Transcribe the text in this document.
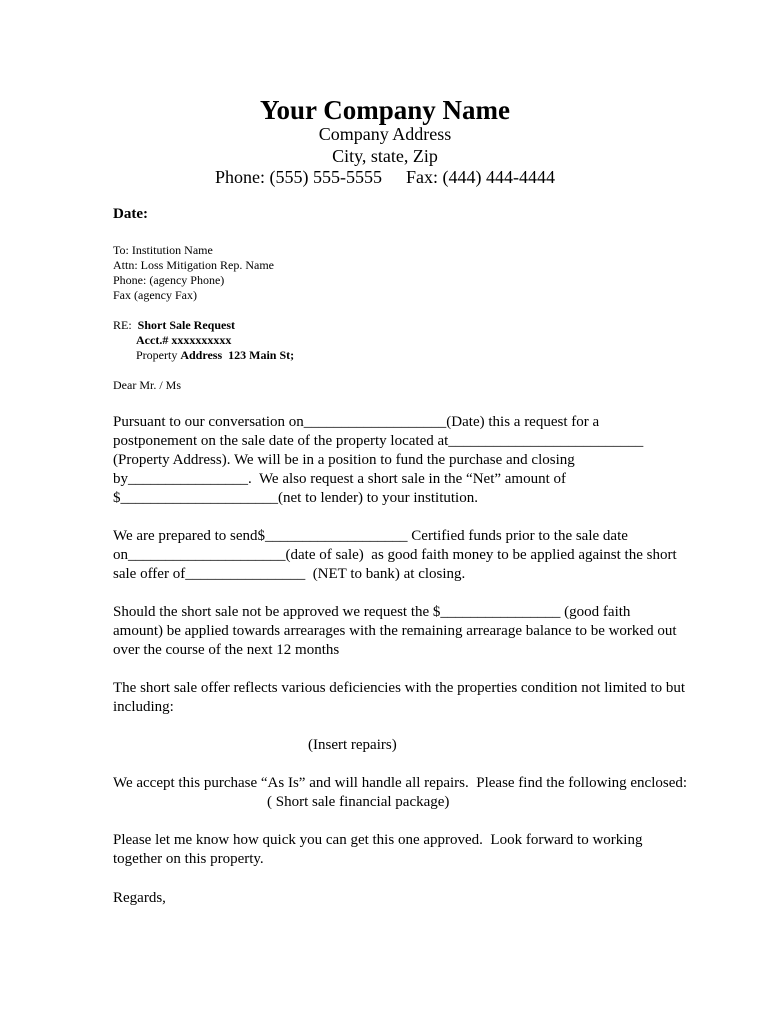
Your Company Name
Company Address
City, state, Zip
Phone: (555) 555-5555 Fax: (444) 444-4444
Date:
To: Institution Name
Attn: Loss Mitigation Rep. Name
Phone: (agency Phone)
Fax (agency Fax)
RE: Short Sale Request
Acct.# xxxxxxxxxx
Property Address  123 Main St;
Dear Mr. / Ms
Pursuant to our conversation on___________________(Date) this a request for a
postponement on the sale date of the property located at__________________________
(Property Address). We will be in a position to fund the purchase and closing
by________________.  We also request a short sale in the “Net” amount of
$_____________________(net to lender) to your institution.
We are prepared to send$___________________ Certified funds prior to the sale date
on_____________________(date of sale)  as good faith money to be applied against the short
sale offer of________________  (NET to bank) at closing.
Should the short sale not be approved we request the $________________ (good faith
amount) be applied towards arrearages with the remaining arrearage balance to be worked out
over the course of the next 12 months
The short sale offer reflects various deficiencies with the properties condition not limited to but
including:
(Insert repairs)
We accept this purchase “As Is” and will handle all repairs.  Please find the following enclosed:
( Short sale financial package)
Please let me know how quick you can get this one approved.  Look forward to working
together on this property.
Regards,
